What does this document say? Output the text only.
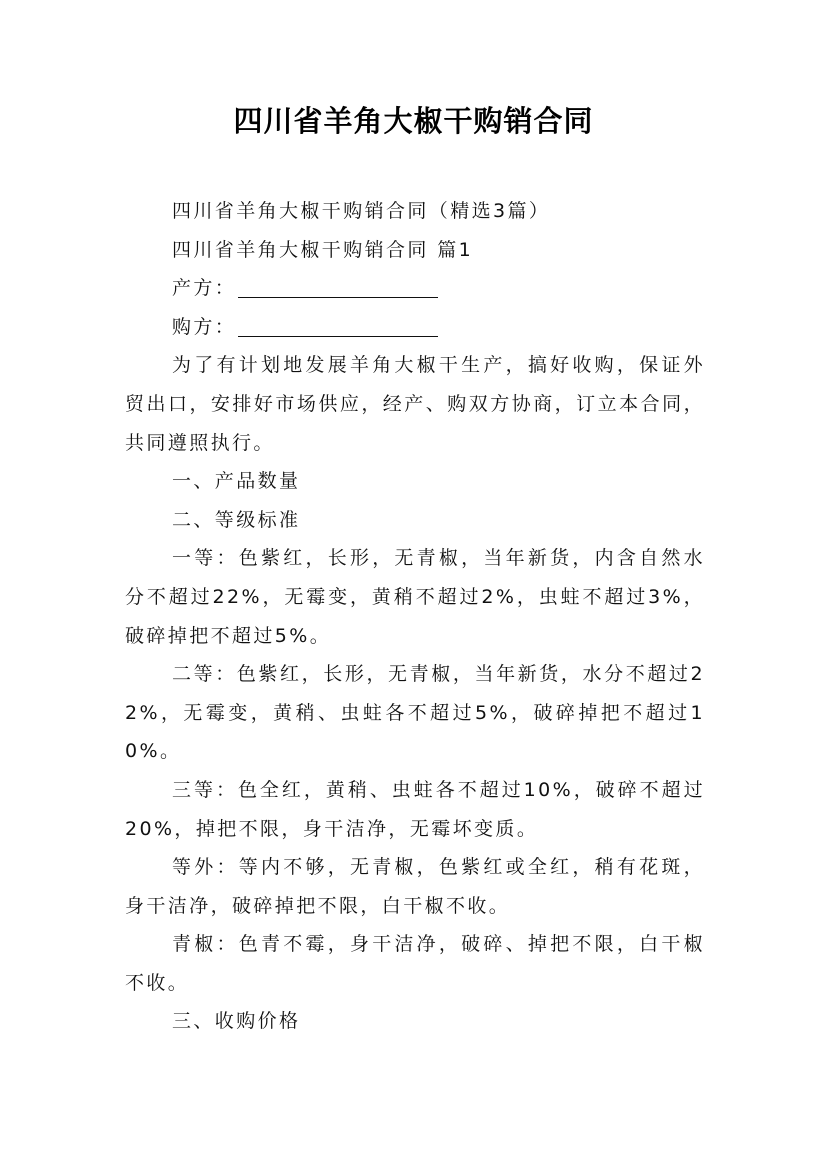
四川省羊角大椒干购销合同

四川省羊角大椒干购销合同（精选3篇）

四川省羊角大椒干购销合同 篇1

产方：

购方：

为了有计划地发展羊角大椒干生产，搞好收购，保证外贸出口，安排好市场供应，经产、购双方协商，订立本合同，共同遵照执行。

一、产品数量

二、等级标准

一等：色紫红，长形，无青椒，当年新货，内含自然水分不超过22%，无霉变，黄稍不超过2%，虫蛀不超过3%，破碎掉把不超过5%。

二等：色紫红，长形，无青椒，当年新货，水分不超过22%，无霉变，黄稍、虫蛀各不超过5%，破碎掉把不超过10%。

三等：色全红，黄稍、虫蛀各不超过10%，破碎不超过20%，掉把不限，身干洁净，无霉坏变质。

等外：等内不够，无青椒，色紫红或全红，稍有花斑，身干洁净，破碎掉把不限，白干椒不收。

青椒：色青不霉，身干洁净，破碎、掉把不限，白干椒不收。

三、收购价格
